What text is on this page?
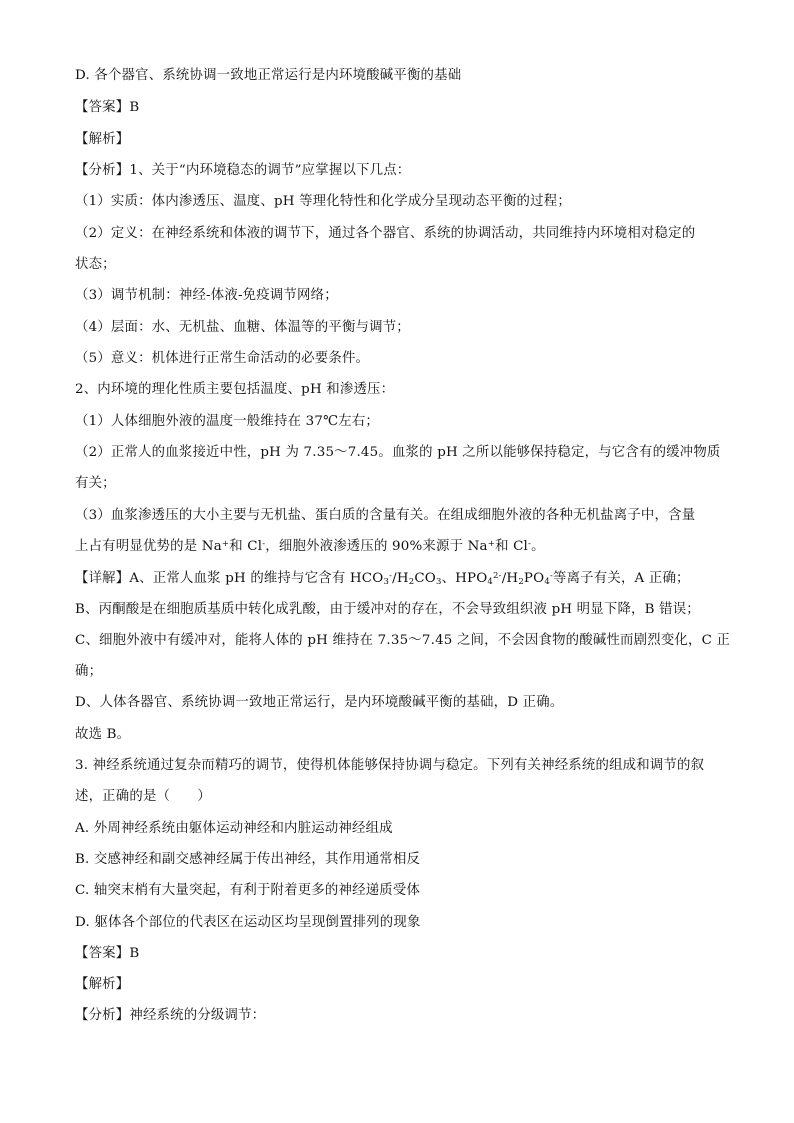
D. 各个器官、系统协调一致地正常运行是内环境酸碱平衡的基础
【答案】B
【解析】
【分析】1、关于“内环境稳态的调节”应掌握以下几点：
（1）实质：体内渗透压、温度、pH 等理化特性和化学成分呈现动态平衡的过程；
（2）定义：在神经系统和体液的调节下，通过各个器官、系统的协调活动，共同维持内环境相对稳定的
状态；
（3）调节机制：神经-体液-免疫调节网络；
（4）层面：水、无机盐、血糖、体温等的平衡与调节；
（5）意义：机体进行正常生命活动的必要条件。
2、内环境的理化性质主要包括温度、pH 和渗透压：
（1）人体细胞外液的温度一般维持在 37℃左右；
（2）正常人的血浆接近中性，pH 为 7.35～7.45。血浆的 pH 之所以能够保持稳定，与它含有的缓冲物质
有关；
（3）血浆渗透压的大小主要与无机盐、蛋白质的含量有关。在组成细胞外液的各种无机盐离子中，含量
上占有明显优势的是 Na+和 Cl-，细胞外液渗透压的 90%来源于 Na+和 Cl-。
【详解】A、正常人血浆 pH 的维持与它含有 $HCO_3^-/H_2CO_3$、$HPO_4^{2-}/H_2PO_4^-$等离子有关，A 正确；
B、丙酮酸是在细胞质基质中转化成乳酸，由于缓冲对的存在，不会导致组织液 pH 明显下降，B 错误；
C、细胞外液中有缓冲对，能将人体的 pH 维持在 7.35～7.45 之间，不会因食物的酸碱性而剧烈变化，C 正
确；
D、人体各器官、系统协调一致地正常运行，是内环境酸碱平衡的基础，D 正确。
故选 B。
3. 神经系统通过复杂而精巧的调节，使得机体能够保持协调与稳定。下列有关神经系统的组成和调节的叙
述，正确的是（　　）
A. 外周神经系统由躯体运动神经和内脏运动神经组成
B. 交感神经和副交感神经属于传出神经，其作用通常相反
C. 轴突末梢有大量突起，有利于附着更多的神经递质受体
D. 躯体各个部位的代表区在运动区均呈现倒置排列的现象
【答案】B
【解析】
【分析】神经系统的分级调节：
